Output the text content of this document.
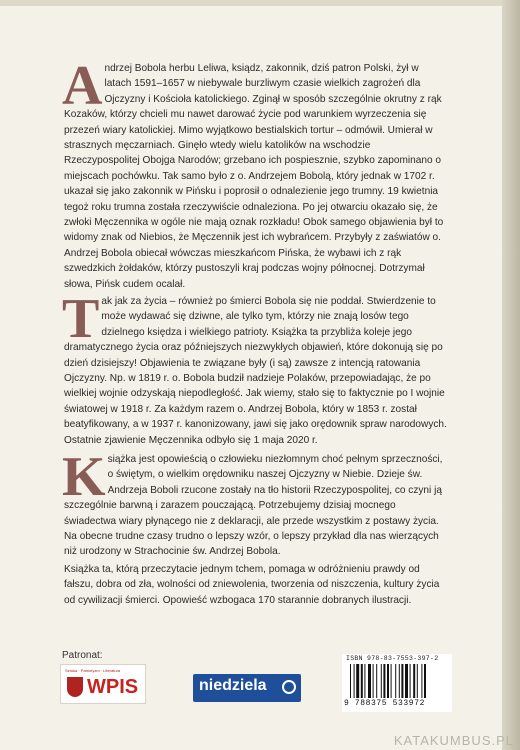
A ndrzej Bobola herbu Leliwa, ksiądz, zakonnik, dziś patron Polski, żył w latach 1591–1657 w niebywale burzliwym czasie wielkich zagrożeń dla Ojczyzny i Kościoła katolickiego. Zginął w sposób szczególnie okrutny z rąk Kozaków, którzy chcieli mu nawet darować życie pod warunkiem wyrzeczenia się przezeń wiary katolickiej. Mimo wyjątkowo bestialskich tortur – odmówił. Umierał w strasznych męczarniach. Ginęło wtedy wielu katolików na wschodzie Rzeczypospolitej Obojga Narodów; grzebano ich pospiesznie, szybko zapominano o miejscach pochówku. Tak samo było z o. Andrzejem Bobolą, który jednak w 1702 r. ukazał się jako zakonnik w Pińsku i poprosił o odnalezienie jego trumny. 19 kwietnia tegoż roku trumna została rzeczywiście odnaleziona. Po jej otwarciu okazało się, że zwłoki Męczennika w ogóle nie mają oznak rozkładu! Obok samego objawienia był to widomy znak od Niebios, że Męczennik jest ich wybrańcem. Przybyły z zaświatów o. Andrzej Bobola obiecał wówczas mieszkańcom Pińska, że wybawi ich z rąk szwedzkich żołdaków, którzy pustoszyli kraj podczas wojny północnej. Dotrzymał słowa, Pińsk cudem ocalał.
T ak jak za życia – również po śmierci Bobola się nie poddał. Stwierdzenie to może wydawać się dziwne, ale tylko tym, którzy nie znają losów tego dzielnego księdza i wielkiego patrioty. Książka ta przybliża koleje jego dramatycznego życia oraz późniejszych niezwykłych objawień, które dokonują się po dzień dzisiejszy! Objawienia te związane były (i są) zawsze z intencją ratowania Ojczyzny. Np. w 1819 r. o. Bobola budził nadzieje Polaków, przepowiadając, że po wielkiej wojnie odzyskają niepodległość. Jak wiemy, stało się to faktycznie po I wojnie światowej w 1918 r. Za każdym razem o. Andrzej Bobola, który w 1853 r. został beatyfikowany, a w 1937 r. kanonizowany, jawi się jako orędownik spraw narodowych. Ostatnie zjawienie Męczennika odbyło się 1 maja 2020 r.
K siążka jest opowieścią o człowieku niezłomnym choć pełnym sprzeczności, o świętym, o wielkim orędowniku naszej Ojczyzny w Niebie. Dzieje św. Andrzeja Boboli rzucone zostały na tło historii Rzeczypospolitej, co czyni ją szczególnie barwną i zarazem pouczającą. Potrzebujemy dzisiaj mocnego świadectwa wiary płynącego nie z deklaracji, ale przede wszystkim z postawy życia. Na obecne trudne czasy trudno o lepszy wzór, o lepszy przykład dla nas wierzących niż urodzony w Strachocinie św. Andrzej Bobola.
Książka ta, którą przeczytacie jednym tchem, pomaga w odróżnieniu prawdy od fałszu, dobra od zła, wolności od zniewolenia, tworzenia od niszczenia, kultury życia od cywilizacji śmierci. Opowieść wzbogaca 170 starannie dobranych ilustracji.
Patronat:
Sztuka · Patriotyzm · Literatura
WPIS	niedziela
ISBN 978-83-7553-397-2
9 788375 533972
KATAKUMBUS.PL
